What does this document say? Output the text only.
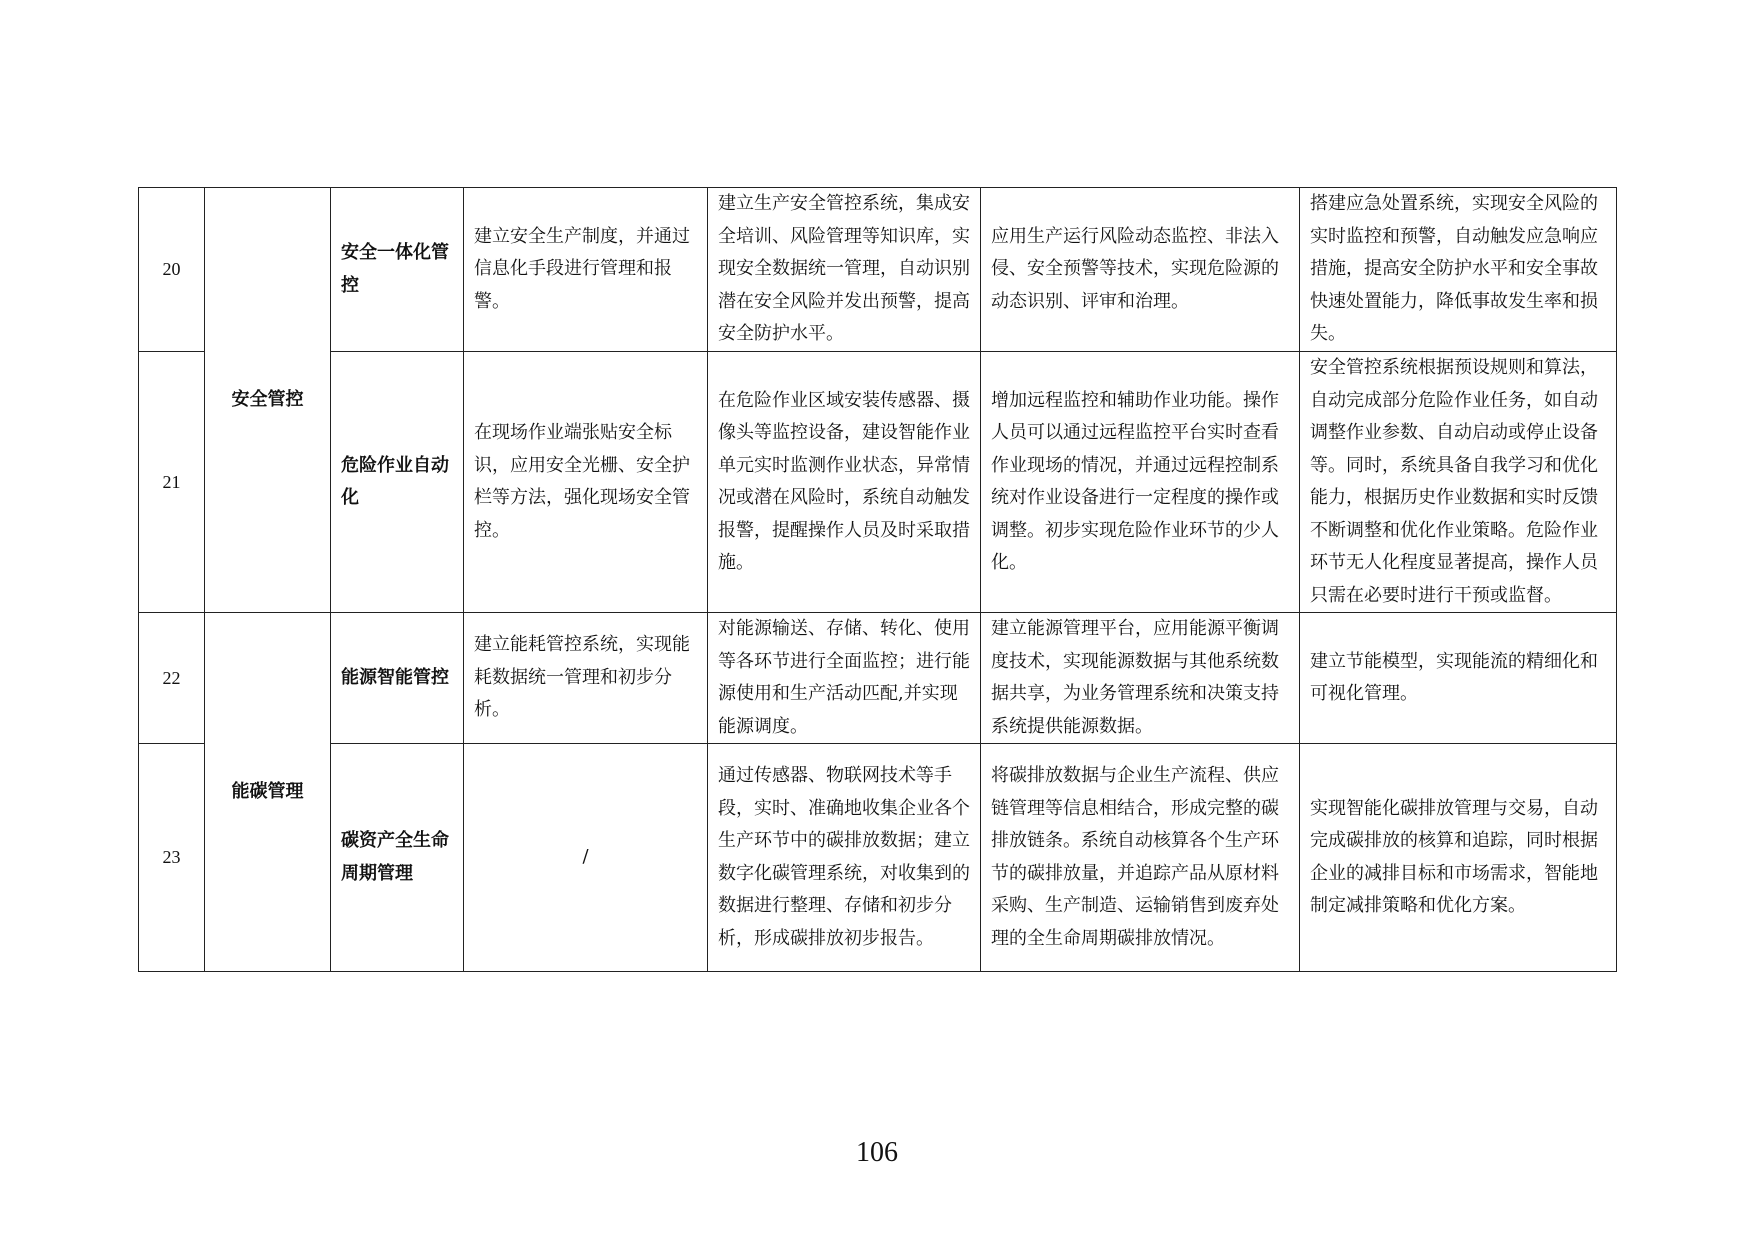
20	安全管控	安全一体化管控	建立安全生产制度，并通过信息化手段进行管理和报警。	建立生产安全管控系统，集成安全培训、风险管理等知识库，实现安全数据统一管理，自动识别潜在安全风险并发出预警，提高安全防护水平。	应用生产运行风险动态监控、非法入侵、安全预警等技术，实现危险源的动态识别、评审和治理。	搭建应急处置系统，实现安全风险的实时监控和预警，自动触发应急响应措施，提高安全防护水平和安全事故快速处置能力，降低事故发生率和损失。
21		危险作业自动化	在现场作业端张贴安全标识，应用安全光栅、安全护栏等方法，强化现场安全管控。	在危险作业区域安装传感器、摄像头等监控设备，建设智能作业单元实时监测作业状态，异常情况或潜在风险时，系统自动触发报警，提醒操作人员及时采取措施。	增加远程监控和辅助作业功能。操作人员可以通过远程监控平台实时查看作业现场的情况，并通过远程控制系统对作业设备进行一定程度的操作或调整。初步实现危险作业环节的少人化。	安全管控系统根据预设规则和算法，自动完成部分危险作业任务，如自动调整作业参数、自动启动或停止设备等。同时，系统具备自我学习和优化能力，根据历史作业数据和实时反馈不断调整和优化作业策略。危险作业环节无人化程度显著提高，操作人员只需在必要时进行干预或监督。
22	能碳管理	能源智能管控	建立能耗管控系统，实现能耗数据统一管理和初步分析。	对能源输送、存储、转化、使用等各环节进行全面监控；进行能源使用和生产活动匹配,并实现能源调度。	建立能源管理平台，应用能源平衡调度技术，实现能源数据与其他系统数据共享，为业务管理系统和决策支持系统提供能源数据。	建立节能模型，实现能流的精细化和可视化管理。
23		碳资产全生命周期管理	/	通过传感器、物联网技术等手段，实时、准确地收集企业各个生产环节中的碳排放数据；建立数字化碳管理系统，对收集到的数据进行整理、存储和初步分析，形成碳排放初步报告。	将碳排放数据与企业生产流程、供应链管理等信息相结合，形成完整的碳排放链条。系统自动核算各个生产环节的碳排放量，并追踪产品从原材料采购、生产制造、运输销售到废弃处理的全生命周期碳排放情况。	实现智能化碳排放管理与交易，自动完成碳排放的核算和追踪，同时根据企业的减排目标和市场需求，智能地制定减排策略和优化方案。
106
